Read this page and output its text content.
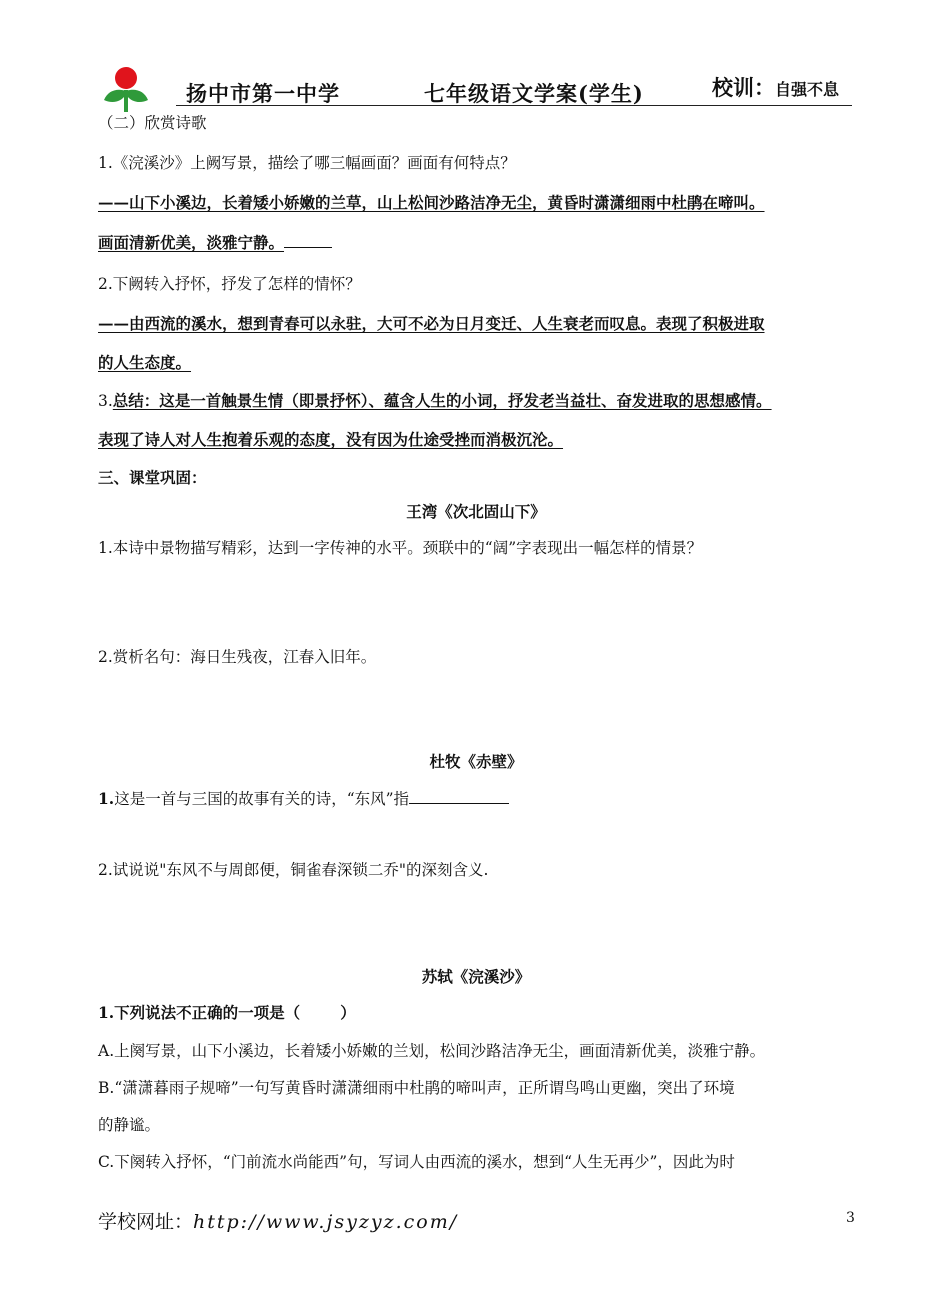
扬中市第一中学	七年级语文学案(学生)	校训：自强不息
（二）欣赏诗歌
1.《浣溪沙》上阙写景，描绘了哪三幅画面？画面有何特点？
——山下小溪边，长着矮小娇嫩的兰草，山上松间沙路洁净无尘，黄昏时潇潇细雨中杜鹃在啼叫。
画面清新优美，淡雅宁静。
2.下阙转入抒怀，抒发了怎样的情怀？
——由西流的溪水，想到青春可以永驻，大可不必为日月变迁、人生衰老而叹息。表现了积极进取
的人生态度。
3.总结：这是一首触景生情（即景抒怀）、蕴含人生的小词，抒发老当益壮、奋发进取的思想感情。
表现了诗人对人生抱着乐观的态度，没有因为仕途受挫而消极沉沦。
三、课堂巩固：
王湾《次北固山下》
1.本诗中景物描写精彩，达到一字传神的水平。颈联中的“阔”字表现出一幅怎样的情景？
2.赏析名句：海日生残夜，江春入旧年。
杜牧《赤壁》
1.这是一首与三国的故事有关的诗，“东风”指
2.试说说"东风不与周郎便，铜雀春深锁二乔"的深刻含义.
苏轼《浣溪沙》
1.下列说法不正确的一项是（	）
A.上阕写景，山下小溪边，长着矮小娇嫩的兰划，松间沙路洁净无尘，画面清新优美，淡雅宁静。
B.“潇潇暮雨子规啼”一句写黄昏时潇潇细雨中杜鹃的啼叫声，正所谓鸟鸣山更幽，突出了环境
的静谧。
C.下阕转入抒怀，“门前流水尚能西”句，写词人由西流的溪水，想到“人生无再少”，因此为时
学校网址：http://www.jsyzyz.com/	3
